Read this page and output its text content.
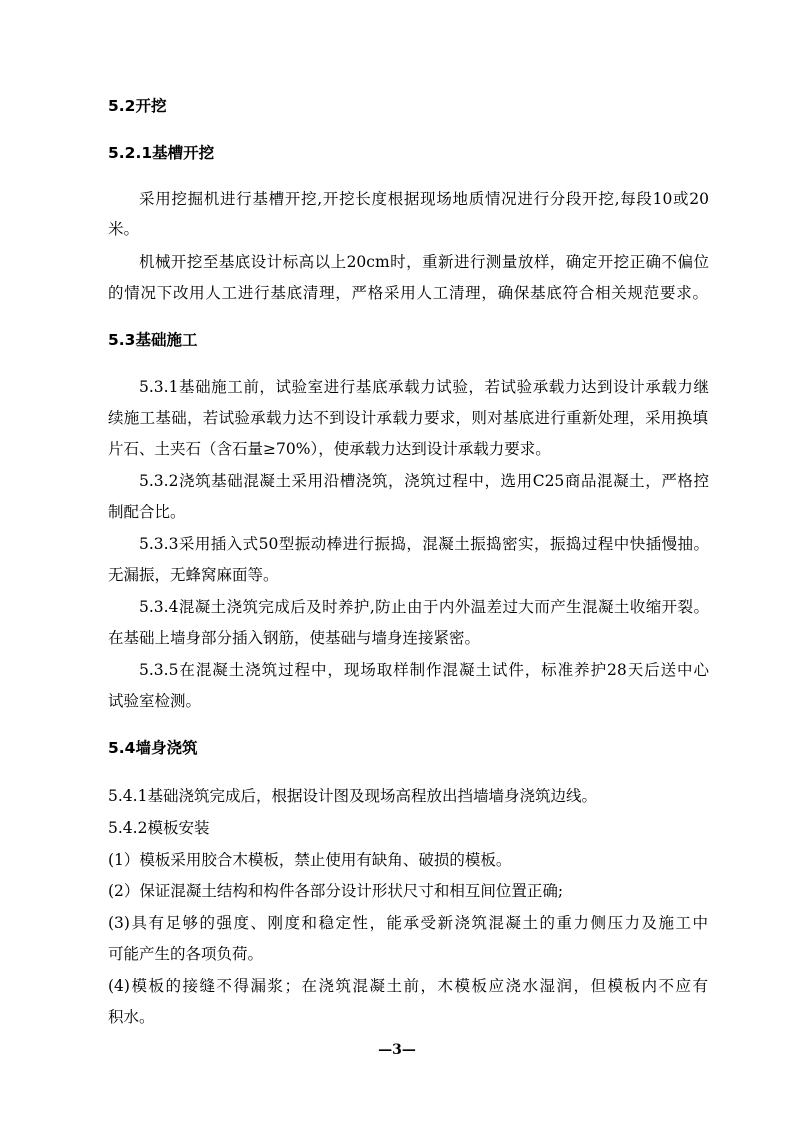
5.2开挖
5.2.1基槽开挖
采用挖掘机进行基槽开挖,开挖长度根据现场地质情况进行分段开挖,每段10或20
米。
机械开挖至基底设计标高以上20cm时，重新进行测量放样，确定开挖正确不偏位
的情况下改用人工进行基底清理，严格采用人工清理，确保基底符合相关规范要求。
5.3基础施工
5.3.1基础施工前，试验室进行基底承载力试验，若试验承载力达到设计承载力继
续施工基础，若试验承载力达不到设计承载力要求，则对基底进行重新处理，采用换填
片石、土夹石（含石量≥70%），使承载力达到设计承载力要求。
5.3.2浇筑基础混凝土采用沿槽浇筑，浇筑过程中，选用C25商品混凝土，严格控
制配合比。
5.3.3采用插入式50型振动棒进行振捣，混凝土振捣密实，振捣过程中快插慢抽。
无漏振，无蜂窝麻面等。
5.3.4混凝土浇筑完成后及时养护,防止由于内外温差过大而产生混凝土收缩开裂。
在基础上墙身部分插入钢筋，使基础与墙身连接紧密。
5.3.5在混凝土浇筑过程中，现场取样制作混凝土试件，标准养护28天后送中心
试验室检测。
5.4墙身浇筑
5.4.1基础浇筑完成后，根据设计图及现场高程放出挡墙墙身浇筑边线。
5.4.2模板安装
(1）模板采用胶合木模板，禁止使用有缺角、破损的模板。
(2）保证混凝土结构和构件各部分设计形状尺寸和相互间位置正确;
(3)具有足够的强度、刚度和稳定性，能承受新浇筑混凝土的重力侧压力及施工中
可能产生的各项负荷。
(4)模板的接缝不得漏浆；在浇筑混凝土前，木模板应浇水湿润，但模板内不应有
积水。
—3—
